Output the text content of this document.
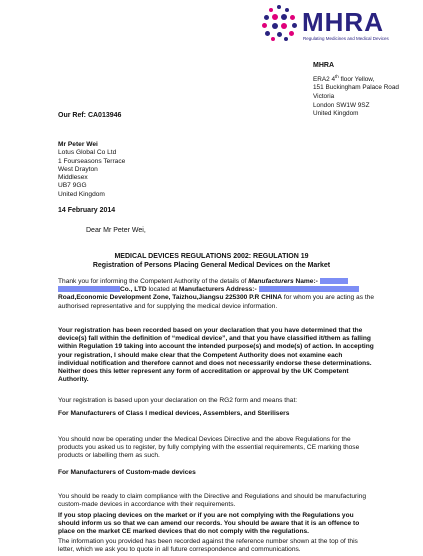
MHRA
Regulating Medicines and Medical Devices
MHRA
ERA2 4th floor Yellow,
151 Buckingham Palace Road
Victoria
London SW1W 9SZ
United Kingdom
Our Ref: CA013946
Mr Peter Wei
Lotus Global Co Ltd
1 Fourseasons Terrace
West Drayton
Middlesex
UB7 9GG
United Kingdom
14 February 2014
Dear Mr Peter Wei,
MEDICAL DEVICES REGULATIONS 2002: REGULATION 19
Registration of Persons Placing General Medical Devices on the Market
Thank you for informing the Competent Authority of the details of Manufacturers Name:-
Co., LTD located at Manufacturers Address:-  Road,Economic Development Zone, Taizhou,Jiangsu 225300 P.R CHINA for whom you are acting as the authorised representative and for supplying the medical device information.
Your registration has been recorded based on your declaration that you have determined that the device(s) fall within the definition of “medical device”, and that you have classified it/them as falling within Regulation 19 taking into account the intended purpose(s) and mode(s) of action. In accepting your registration, I should make clear that the Competent Authority does not examine each individual notification and therefore cannot and does not necessarily endorse these determinations. Neither does this letter represent any form of accreditation or approval by the UK Competent Authority.
Your registration is based upon your declaration on the RG2 form and means that:
For Manufacturers of Class I medical devices, Assemblers, and Sterilisers
You should now be operating under the Medical Devices Directive and the above Regulations for the products you asked us to register, by fully complying with the essential requirements, CE marking those products or labelling them as such.
For Manufacturers of Custom-made devices
You should be ready to claim compliance with the Directive and Regulations and should be manufacturing custom-made devices in accordance with their requirements.
If you stop placing devices on the market or if you are not complying with the Regulations you should inform us so that we can amend our records. You should be aware that it is an offence to place on the market CE marked devices that do not comply with the regulations.
The information you provided has been recorded against the reference number shown at the top of this letter, which we ask you to quote in all future correspondence and communications.
